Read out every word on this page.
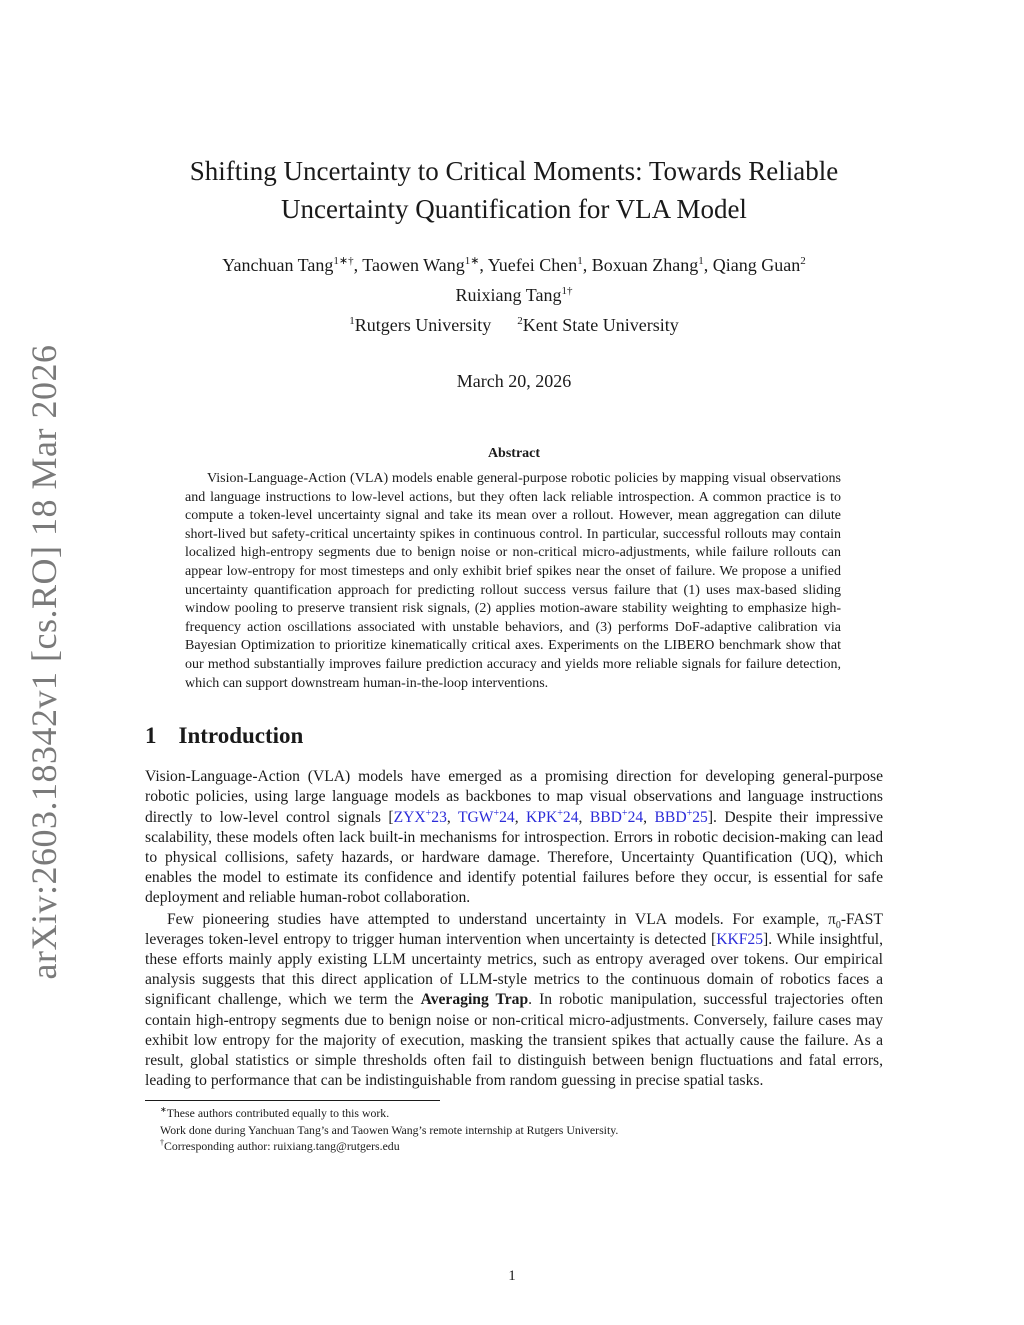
arXiv:2603.18342v1 [cs.RO] 18 Mar 2026
Shifting Uncertainty to Critical Moments: Towards Reliable
Uncertainty Quantification for VLA Model
Yanchuan Tang$^{1∗\dagger}$, Taowen Wang$^{1∗}$, Yuefei Chen$^1$, Boxuan Zhang$^1$, Qiang Guan$^2$
Ruixiang Tang$^{1\dagger}$
$^1$Rutgers University $^2$Kent State University
March 20, 2026
Abstract

Vision-Language-Action (VLA) models enable general-purpose robotic policies by mapping visual observations and language instructions to low-level actions, but they often lack reliable introspection. A common practice is to compute a token-level uncertainty signal and take its mean over a rollout. However, mean aggregation can dilute short-lived but safety-critical uncertainty spikes in continuous control. In particular, successful rollouts may contain localized high-entropy segments due to benign noise or non-critical micro-adjustments, while failure rollouts can appear low-entropy for most timesteps and only exhibit brief spikes near the onset of failure. We propose a unified uncertainty quantification approach for predicting rollout success versus failure that (1) uses max-based sliding window pooling to preserve transient risk signals, (2) applies motion-aware stability weighting to emphasize high-frequency action oscillations associated with unstable behaviors, and (3) performs DoF-adaptive calibration via Bayesian Optimization to prioritize kinematically critical axes. Experiments on the LIBERO benchmark show that our method substantially improves failure prediction accuracy and yields more reliable signals for failure detection, which can support downstream human-in-the-loop interventions.

1 Introduction

Vision-Language-Action (VLA) models have emerged as a promising direction for developing general-purpose robotic policies, using large language models as backbones to map visual observations and language instructions directly to low-level control signals [ZYX+23, TGW+24, KPK+24, BBD+24, BBD+25]. Despite their impressive scalability, these models often lack built-in mechanisms for introspection. Errors in robotic decision-making can lead to physical collisions, safety hazards, or hardware damage. Therefore, Uncertainty Quantification (UQ), which enables the model to estimate its confidence and identify potential failures before they occur, is essential for safe deployment and reliable human-robot collaboration.

Few pioneering studies have attempted to understand uncertainty in VLA models. For example, $\pi_0$-FAST leverages token-level entropy to trigger human intervention when uncertainty is detected [KKF25]. While insightful, these efforts mainly apply existing LLM uncertainty metrics, such as entropy averaged over tokens. Our empirical analysis suggests that this direct application of LLM-style metrics to the continuous domain of robotics faces a significant challenge, which we term the Averaging Trap. In robotic manipulation, successful trajectories often contain high-entropy segments due to benign noise or non-critical micro-adjustments. Conversely, failure cases may exhibit low entropy for the majority of execution, masking the transient spikes that actually cause the failure. As a result, global statistics or simple thresholds often fail to distinguish between benign fluctuations and fatal errors, leading to performance that can be indistinguishable from random guessing in precise spatial tasks.

∗These authors contributed equally to this work.
Work done during Yanchuan Tang’s and Taowen Wang’s remote internship at Rutgers University.
†Corresponding author: ruixiang.tang@rutgers.edu
1
